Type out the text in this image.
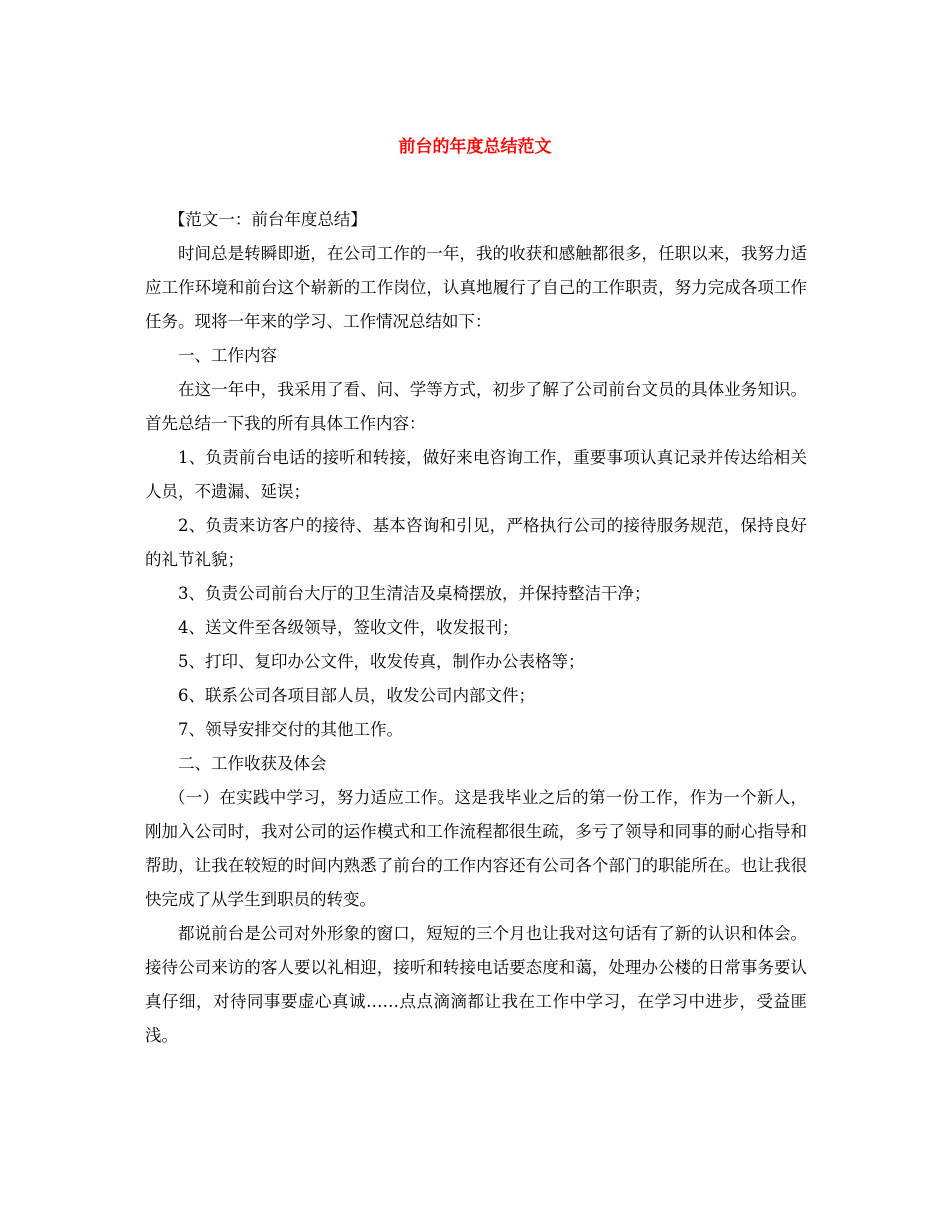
前台的年度总结范文

【范文一：前台年度总结】

时间总是转瞬即逝，在公司工作的一年，我的收获和感触都很多，任职以来，我努力适应工作环境和前台这个崭新的工作岗位，认真地履行了自己的工作职责，努力完成各项工作任务。现将一年来的学习、工作情况总结如下：

一、工作内容

在这一年中，我采用了看、问、学等方式，初步了解了公司前台文员的具体业务知识。首先总结一下我的所有具体工作内容：

1、负责前台电话的接听和转接，做好来电咨询工作，重要事项认真记录并传达给相关人员，不遗漏、延误；

2、负责来访客户的接待、基本咨询和引见，严格执行公司的接待服务规范，保持良好的礼节礼貌；

3、负责公司前台大厅的卫生清洁及桌椅摆放，并保持整洁干净；

4、送文件至各级领导，签收文件，收发报刊；

5、打印、复印办公文件，收发传真，制作办公表格等；

6、联系公司各项目部人员，收发公司内部文件；

7、领导安排交付的其他工作。

二、工作收获及体会

（一）在实践中学习，努力适应工作。这是我毕业之后的第一份工作，作为一个新人，刚加入公司时，我对公司的运作模式和工作流程都很生疏，多亏了领导和同事的耐心指导和帮助，让我在较短的时间内熟悉了前台的工作内容还有公司各个部门的职能所在。也让我很快完成了从学生到职员的转变。

都说前台是公司对外形象的窗口，短短的三个月也让我对这句话有了新的认识和体会。接待公司来访的客人要以礼相迎，接听和转接电话要态度和蔼，处理办公楼的日常事务要认真仔细，对待同事要虚心真诚……点点滴滴都让我在工作中学习，在学习中进步，受益匪浅。
